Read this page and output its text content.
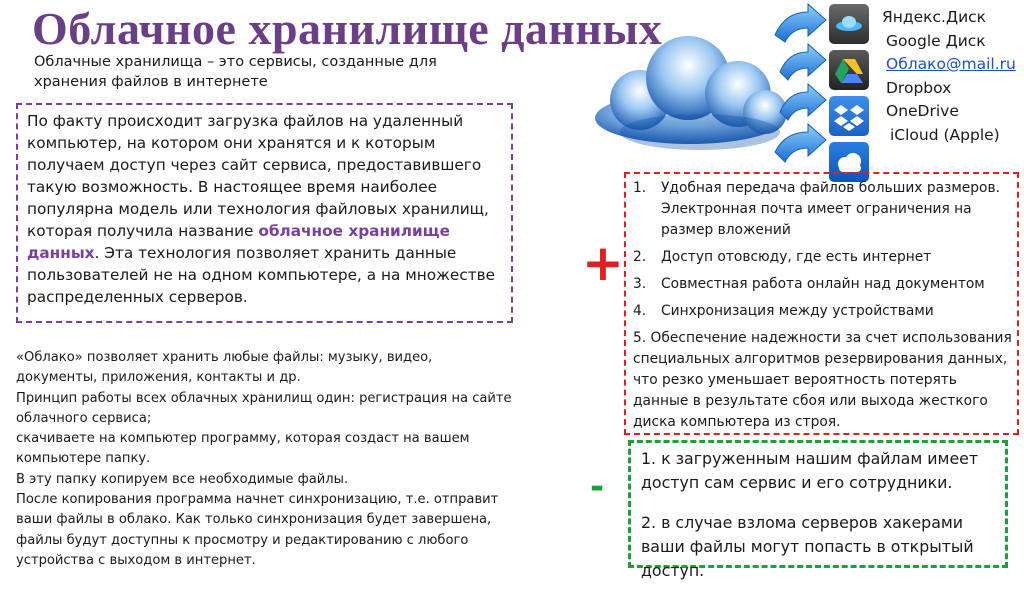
Облачное хранилище данных
Облачные хранилища – это сервисы, созданные для хранения файлов в интернете
По факту происходит загрузка файлов на удаленный компьютер, на котором они хранятся и к которым получаем доступ через сайт сервиса, предоставившего такую возможность. В настоящее время наиболее популярна модель или технология файловых хранилищ, которая получила название облачное хранилище данных. Эта технология позволяет хранить данные пользователей не на одном компьютере, а на множестве распределенных серверов.

«Облако» позволяет хранить любые файлы: музыку, видео, документы, приложения, контакты и др.

Принцип работы всех облачных хранилищ один: регистрация на сайте облачного сервиса;

скачиваете на компьютер программу, которая создаст на вашем компьютере папку.

В эту папку копируем все необходимые файлы.

После копирования программа начнет синхронизацию, т.е. отправит ваши файлы в облако. Как только синхронизация будет завершена, файлы будут доступны к просмотру и редактированию с любого устройства с выходом в интернет.

Яндекс.Диск
Google Диск
Облако@mail.ru
Dropbox
OneDrive
iCloud (Apple)
+
1.	Удобная передача файлов больших размеров. Электронная почта имеет ограничения на размер вложений
2.	Доступ отовсюду, где есть интернет
3.	Совместная работа онлайн над документом
4.	Синхронизация между устройствами
5. Обеспечение надежности за счет использования специальных алгоритмов резервирования данных, что резко уменьшает вероятность потерять данные в результате сбоя или выхода жесткого диска компьютера из строя.
-

1. к загруженным нашим файлам имеет доступ сам сервис и его сотрудники.

2. в случае взлома серверов хакерами ваши файлы могут попасть в открытый доступ.
